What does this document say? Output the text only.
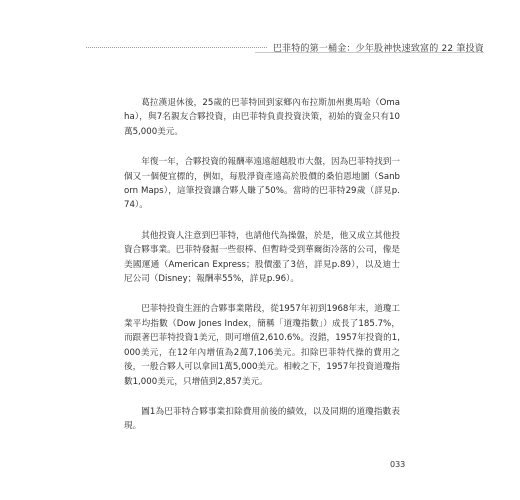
巴菲特的第一桶金：少年股神快速致富的 22 筆投資

葛拉漢退休後，25歲的巴菲特回到家鄉內布拉斯加州奧馬哈（Omaha），與7名親友合夥投資，由巴菲特負責投資決策，初始的資金只有10萬5,000美元。

年復一年，合夥投資的報酬率遠遠超越股市大盤，因為巴菲特找到一個又一個便宜標的，例如，每股淨資產遠高於股價的桑伯恩地圖（Sanborn Maps），這筆投資讓合夥人賺了50%。當時的巴菲特29歲（詳見p.74）。

其他投資人注意到巴菲特，也請他代為操盤，於是，他又成立其他投資合夥事業。巴菲特發掘一些很棒、但暫時受到華爾街冷落的公司，像是美國運通（American Express；股價漲了3倍，詳見p.89），以及迪士尼公司（Disney；報酬率55%，詳見p.96）。

巴菲特投資生涯的合夥事業階段，從1957年初到1968年末，道瓊工業平均指數（Dow Jones Index，簡稱「道瓊指數」）成長了185.7%，而跟著巴菲特投資1美元，則可增值2,610.6%。沒錯，1957年投資的1,000美元，在12年內增值為2萬7,106美元。扣除巴菲特代操的費用之後，一般合夥人可以拿回1萬5,000美元。相較之下，1957年投資道瓊指數1,000美元，只增值到2,857美元。

圖1為巴菲特合夥事業扣除費用前後的績效，以及同期的道瓊指數表現。

033
